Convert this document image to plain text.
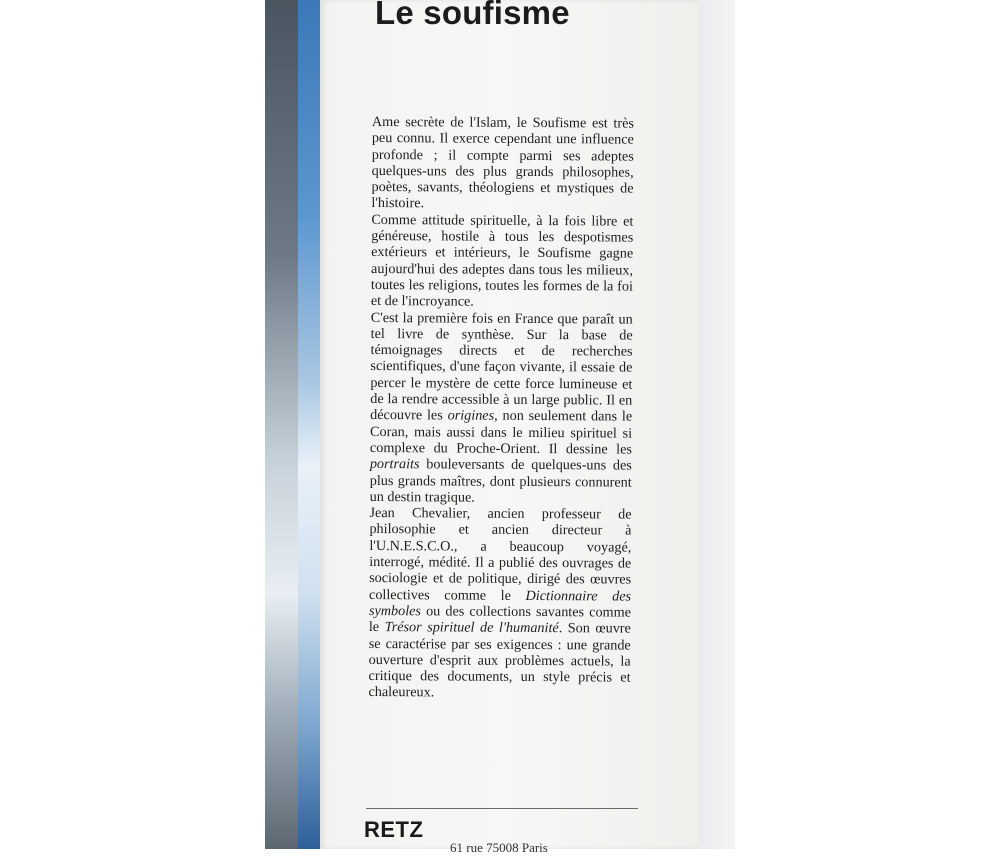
Le soufisme

Ame secrète de l'Islam, le Soufisme est très peu connu. Il exerce cependant une influence profonde ; il compte parmi ses adeptes quelques-uns des plus grands philosophes, poètes, savants, théologiens et mystiques de l'histoire.

Comme attitude spirituelle, à la fois libre et généreuse, hostile à tous les despotismes extérieurs et intérieurs, le Soufisme gagne aujourd'hui des adeptes dans tous les milieux, toutes les religions, toutes les formes de la foi et de l'incroyance.

C'est la première fois en France que paraît un tel livre de synthèse. Sur la base de témoignages directs et de recherches scientifiques, d'une façon vivante, il essaie de percer le mystère de cette force lumineuse et de la rendre accessible à un large public. Il en découvre les origines, non seulement dans le Coran, mais aussi dans le milieu spirituel si complexe du Proche-Orient. Il dessine les portraits bouleversants de quelques-uns des plus grands maîtres, dont plusieurs connurent un destin tragique.

Jean Chevalier, ancien professeur de philosophie et ancien directeur à l'U.N.E.S.C.O., a beaucoup voyagé, interrogé, médité. Il a publié des ouvrages de sociologie et de politique, dirigé des œuvres collectives comme le Dictionnaire des symboles ou des collections savantes comme le Trésor spirituel de l'humanité. Son œuvre se caractérise par ses exigences : une grande ouverture d'esprit aux problèmes actuels, la critique des documents, un style précis et chaleureux.

RETZ
61 rue 75008 Paris
